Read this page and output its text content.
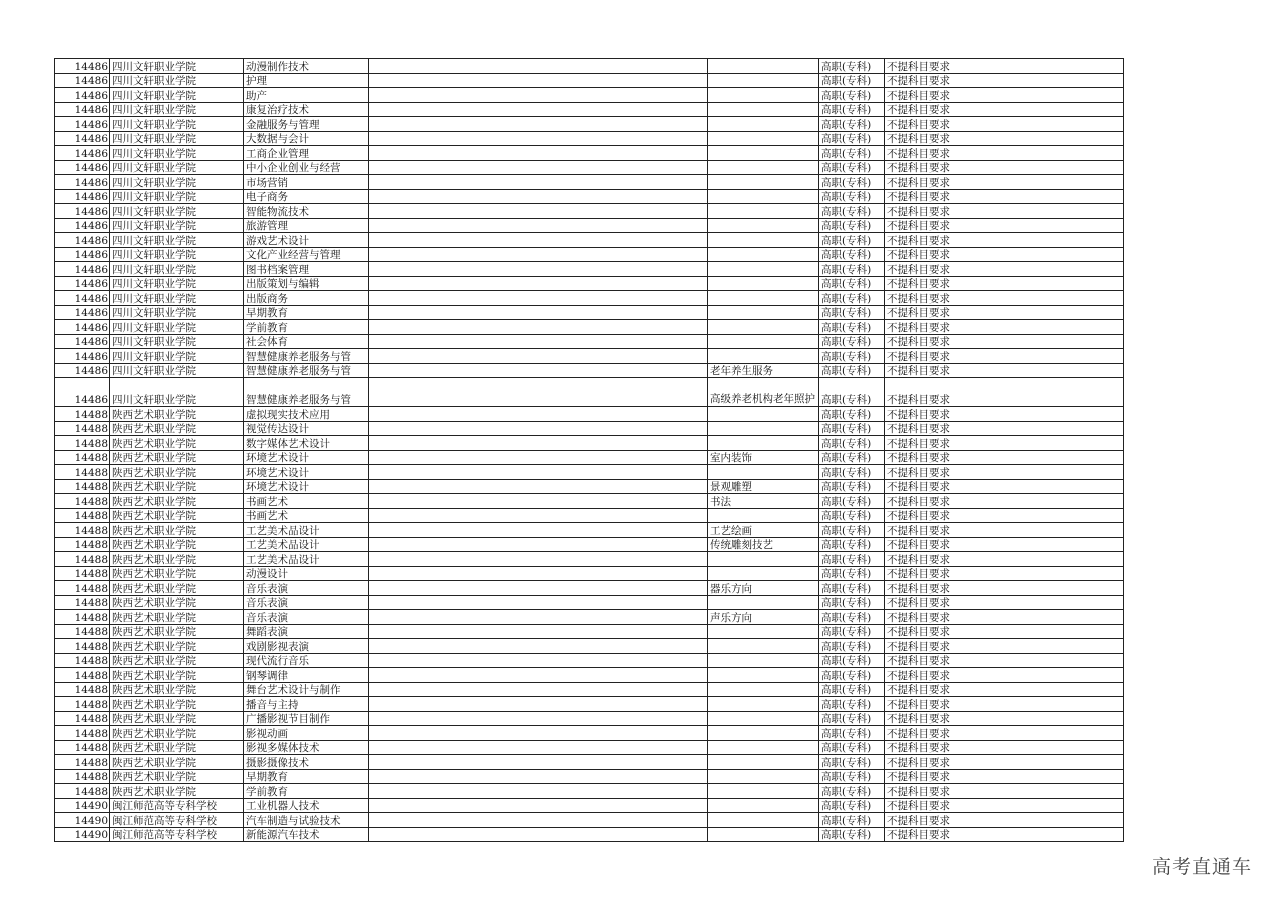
14486	四川文轩职业学院	动漫制作技术			高职(专科)	不提科目要求
14486	四川文轩职业学院	护理			高职(专科)	不提科目要求
14486	四川文轩职业学院	助产			高职(专科)	不提科目要求
14486	四川文轩职业学院	康复治疗技术			高职(专科)	不提科目要求
14486	四川文轩职业学院	金融服务与管理			高职(专科)	不提科目要求
14486	四川文轩职业学院	大数据与会计			高职(专科)	不提科目要求
14486	四川文轩职业学院	工商企业管理			高职(专科)	不提科目要求
14486	四川文轩职业学院	中小企业创业与经营			高职(专科)	不提科目要求
14486	四川文轩职业学院	市场营销			高职(专科)	不提科目要求
14486	四川文轩职业学院	电子商务			高职(专科)	不提科目要求
14486	四川文轩职业学院	智能物流技术			高职(专科)	不提科目要求
14486	四川文轩职业学院	旅游管理			高职(专科)	不提科目要求
14486	四川文轩职业学院	游戏艺术设计			高职(专科)	不提科目要求
14486	四川文轩职业学院	文化产业经营与管理			高职(专科)	不提科目要求
14486	四川文轩职业学院	图书档案管理			高职(专科)	不提科目要求
14486	四川文轩职业学院	出版策划与编辑			高职(专科)	不提科目要求
14486	四川文轩职业学院	出版商务			高职(专科)	不提科目要求
14486	四川文轩职业学院	早期教育			高职(专科)	不提科目要求
14486	四川文轩职业学院	学前教育			高职(专科)	不提科目要求
14486	四川文轩职业学院	社会体育			高职(专科)	不提科目要求
14486	四川文轩职业学院	智慧健康养老服务与管			高职(专科)	不提科目要求
14486	四川文轩职业学院	智慧健康养老服务与管		老年养生服务	高职(专科)	不提科目要求
14486	四川文轩职业学院	智慧健康养老服务与管		高级养老机构老年照护	高职(专科)	不提科目要求
14488	陕西艺术职业学院	虚拟现实技术应用			高职(专科)	不提科目要求
14488	陕西艺术职业学院	视觉传达设计			高职(专科)	不提科目要求
14488	陕西艺术职业学院	数字媒体艺术设计			高职(专科)	不提科目要求
14488	陕西艺术职业学院	环境艺术设计		室内装饰	高职(专科)	不提科目要求
14488	陕西艺术职业学院	环境艺术设计			高职(专科)	不提科目要求
14488	陕西艺术职业学院	环境艺术设计		景观雕塑	高职(专科)	不提科目要求
14488	陕西艺术职业学院	书画艺术		书法	高职(专科)	不提科目要求
14488	陕西艺术职业学院	书画艺术			高职(专科)	不提科目要求
14488	陕西艺术职业学院	工艺美术品设计		工艺绘画	高职(专科)	不提科目要求
14488	陕西艺术职业学院	工艺美术品设计		传统雕刻技艺	高职(专科)	不提科目要求
14488	陕西艺术职业学院	工艺美术品设计			高职(专科)	不提科目要求
14488	陕西艺术职业学院	动漫设计			高职(专科)	不提科目要求
14488	陕西艺术职业学院	音乐表演		器乐方向	高职(专科)	不提科目要求
14488	陕西艺术职业学院	音乐表演			高职(专科)	不提科目要求
14488	陕西艺术职业学院	音乐表演		声乐方向	高职(专科)	不提科目要求
14488	陕西艺术职业学院	舞蹈表演			高职(专科)	不提科目要求
14488	陕西艺术职业学院	戏剧影视表演			高职(专科)	不提科目要求
14488	陕西艺术职业学院	现代流行音乐			高职(专科)	不提科目要求
14488	陕西艺术职业学院	钢琴调律			高职(专科)	不提科目要求
14488	陕西艺术职业学院	舞台艺术设计与制作			高职(专科)	不提科目要求
14488	陕西艺术职业学院	播音与主持			高职(专科)	不提科目要求
14488	陕西艺术职业学院	广播影视节目制作			高职(专科)	不提科目要求
14488	陕西艺术职业学院	影视动画			高职(专科)	不提科目要求
14488	陕西艺术职业学院	影视多媒体技术			高职(专科)	不提科目要求
14488	陕西艺术职业学院	摄影摄像技术			高职(专科)	不提科目要求
14488	陕西艺术职业学院	早期教育			高职(专科)	不提科目要求
14488	陕西艺术职业学院	学前教育			高职(专科)	不提科目要求
14490	闽江师范高等专科学校	工业机器人技术			高职(专科)	不提科目要求
14490	闽江师范高等专科学校	汽车制造与试验技术			高职(专科)	不提科目要求
14490	闽江师范高等专科学校	新能源汽车技术			高职(专科)	不提科目要求
高考直通车
